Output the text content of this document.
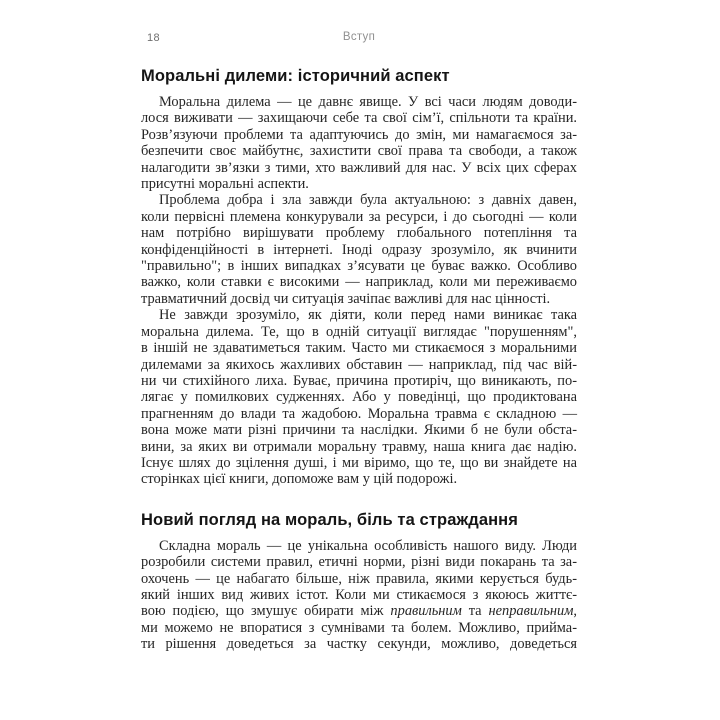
18	Вступ
Моральні дилеми: історичний аспект
Моральна дилема — це давнє явище. У всі часи людям доводи-
лося виживати — захищаючи себе та свої сім’ї, спільноти та країни.
Розв’язуючи проблеми та адаптуючись до змін, ми намагаємося за-
безпечити своє майбутнє, захистити свої права та свободи, а також
налагодити зв’язки з тими, хто важливий для нас. У всіх цих сферах
присутні моральні аспекти.
Проблема добра і зла завжди була актуальною: з давніх давен,
коли первісні племена конкурували за ресурси, і до сьогодні — коли
нам потрібно вирішувати проблему глобального потепління та
конфіденційності в інтернеті. Іноді одразу зрозуміло, як вчинити
"правильно"; в інших випадках з’ясувати це буває важко. Особливо
важко, коли ставки є високими — наприклад, коли ми переживаємо
травматичний досвід чи ситуація зачіпає важливі для нас цінності.
Не завжди зрозуміло, як діяти, коли перед нами виникає така
моральна дилема. Те, що в одній ситуації виглядає "порушенням",
в іншій не здаватиметься таким. Часто ми стикаємося з моральними
дилемами за якихось жахливих обставин — наприклад, під час вій-
ни чи стихійного лиха. Буває, причина протиріч, що виникають, по-
лягає у помилкових судженнях. Або у поведінці, що продиктована
прагненням до влади та жадобою. Моральна травма є складною —
вона може мати різні причини та наслідки. Якими б не були обста-
вини, за яких ви отримали моральну травму, наша книга дає надію.
Існує шлях до зцілення душі, і ми віримо, що те, що ви знайдете на
сторінках цієї книги, допоможе вам у цій подорожі.
Новий погляд на мораль, біль та страждання
Складна мораль — це унікальна особливість нашого виду. Люди
розробили системи правил, етичні норми, різні види покарань та за-
охочень — це набагато більше, ніж правила, якими керується будь-
який інших вид живих істот. Коли ми стикаємося з якоюсь життє-
вою подією, що змушує обирати між правильним та неправильним,
ми можемо не впоратися з сумнівами та болем. Можливо, прийма-
ти рішення доведеться за частку секунди, можливо, доведеться
